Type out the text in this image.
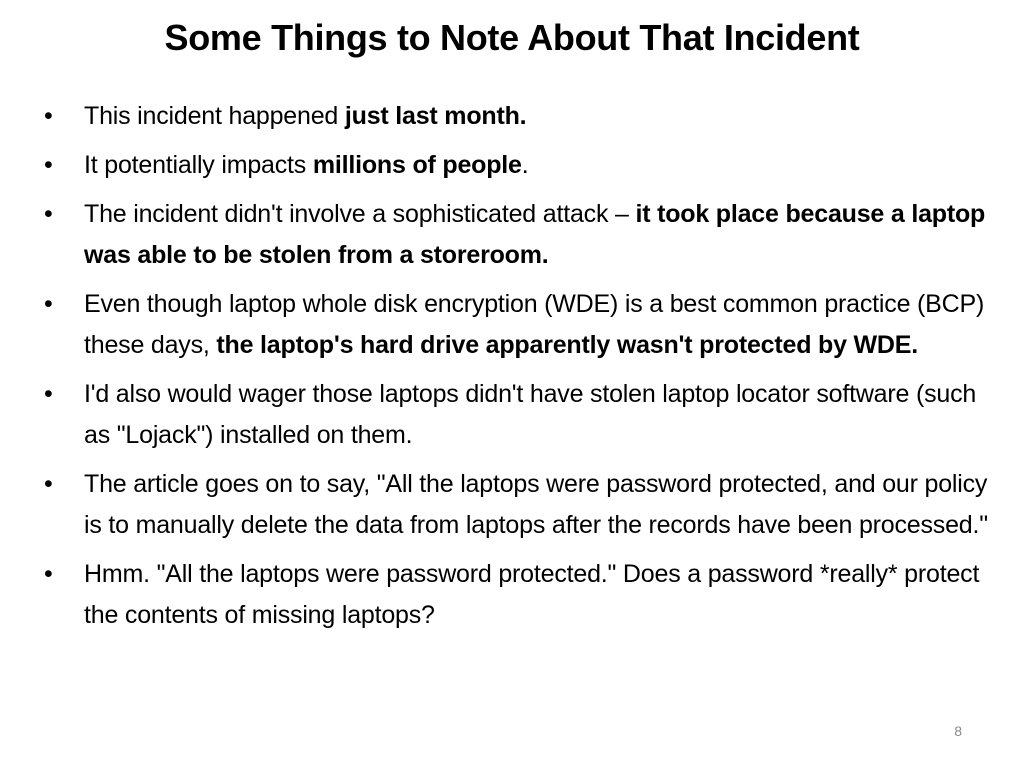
Some Things to Note About That Incident
•	This incident happened just last month.
•	It potentially impacts millions of people.
•	The incident didn't involve a sophisticated attack – it took place because a laptop was able to be stolen from a storeroom.
•	Even though laptop whole disk encryption (WDE) is a best common practice (BCP) these days, the laptop's hard drive apparently wasn't protected by WDE.
•	I'd also would wager those laptops didn't have stolen laptop locator software (such as "Lojack") installed on them.
•	The article goes on to say, "All the laptops were password protected, and our policy is to manually delete the data from laptops after the records have been processed."
•	Hmm. "All the laptops were password protected." Does a password *really* protect the contents of missing laptops?
8
